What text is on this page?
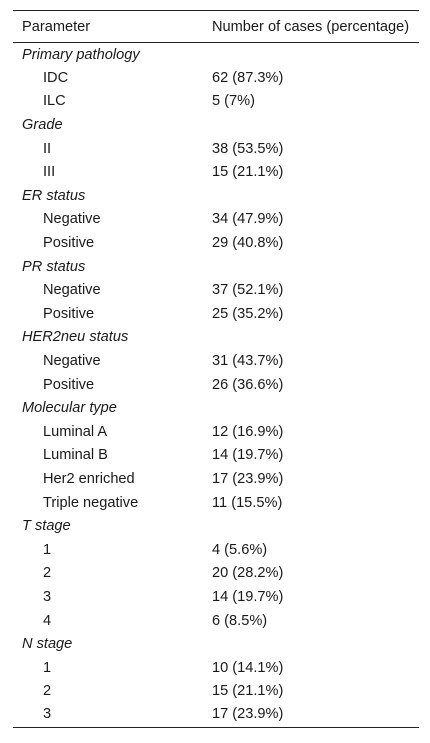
Parameter	Number of cases (percentage)
Primary pathology	
IDC	62 (87.3%)
ILC	5 (7%)
Grade	
II	38 (53.5%)
III	15 (21.1%)
ER status	
Negative	34 (47.9%)
Positive	29 (40.8%)
PR status	
Negative	37 (52.1%)
Positive	25 (35.2%)
HER2neu status	
Negative	31 (43.7%)
Positive	26 (36.6%)
Molecular type	
Luminal A	12 (16.9%)
Luminal B	14 (19.7%)
Her2 enriched	17 (23.9%)
Triple negative	11 (15.5%)
T stage	
1	4 (5.6%)
2	20 (28.2%)
3	14 (19.7%)
4	6 (8.5%)
N stage	
1	10 (14.1%)
2	15 (21.1%)
3	17 (23.9%)
